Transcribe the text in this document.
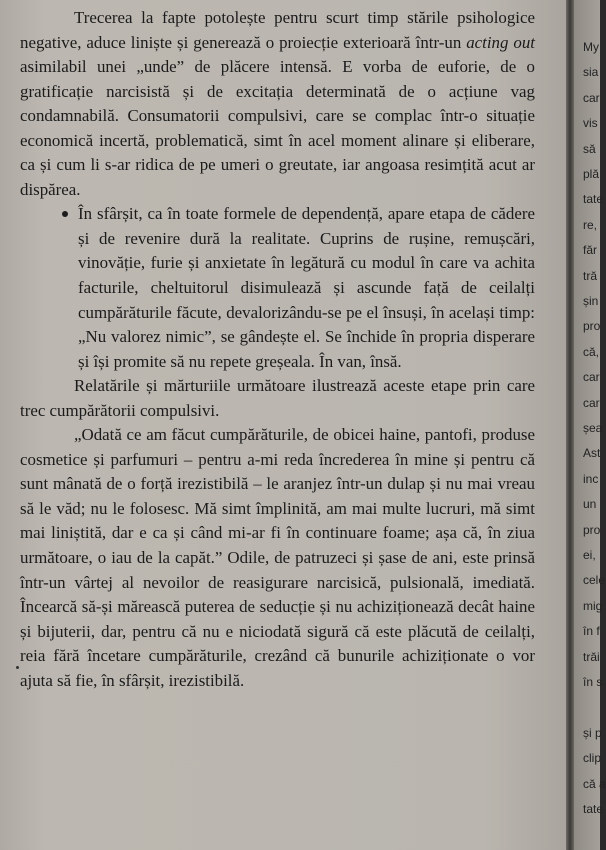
Trecerea la fapte potolește pentru scurt timp stările psihologice negative, aduce liniște și generează o proiecție exterioară într-un acting out asimilabil unei „unde” de plăcere intensă. E vorba de euforie, de o gratificație narcisistă și de excitația determinată de o acțiune vag condamnabilă. Consumatorii compulsivi, care se complac într-o situație economică incertă, problematică, simt în acel moment alinare și eliberare, ca și cum li s-ar ridica de pe umeri o greutate, iar angoasa resimțită acut ar dispărea.

În sfârșit, ca în toate formele de dependență, apare etapa de cădere și de revenire dură la realitate. Cuprins de rușine, remușcări, vinovăție, furie și anxietate în legătură cu modul în care va achita facturile, cheltuitorul disimulează și ascunde față de ceilalți cumpărăturile făcute, devalorizându-se pe el însuși, în același timp: „Nu valorez nimic”, se gândește el. Se închide în propria disperare și își promite să nu repete greșeala. În van, însă.

Relatările și mărturiile următoare ilustrează aceste etape prin care trec cumpărătorii compulsivi.

„Odată ce am făcut cumpărăturile, de obicei haine, pantofi, produse cosmetice și parfumuri – pentru a-mi reda încrederea în mine și pentru că sunt mânată de o forță irezistibilă – le aranjez într-un dulap și nu mai vreau să le văd; nu le folosesc. Mă simt împlinită, am mai multe lucruri, mă simt mai liniștită, dar e ca și când mi-ar fi în continuare foame; așa că, în ziua următoare, o iau de la capăt.” Odile, de patruzeci și șase de ani, este prinsă într-un vârtej al nevoilor de reasigurare narcisică, pulsională, imediată. Încearcă să-și mărească puterea de seducție și nu achiziționează decât haine și bijuterii, dar, pentru că nu e niciodată sigură că este plăcută de ceilalți, reia fără încetare cumpărăturile, crezând că bunurile achiziționate o vor ajuta să fie, în sfârșit, irezistibilă.

My
sia
car
vis
să
plă
tate
re,
făr
tră
șin
pro
că,
car
car
șea
Ast
inc
un
pro
ei,
cele
mig
în f
trăi
în s
și p
clip
că a
tate
